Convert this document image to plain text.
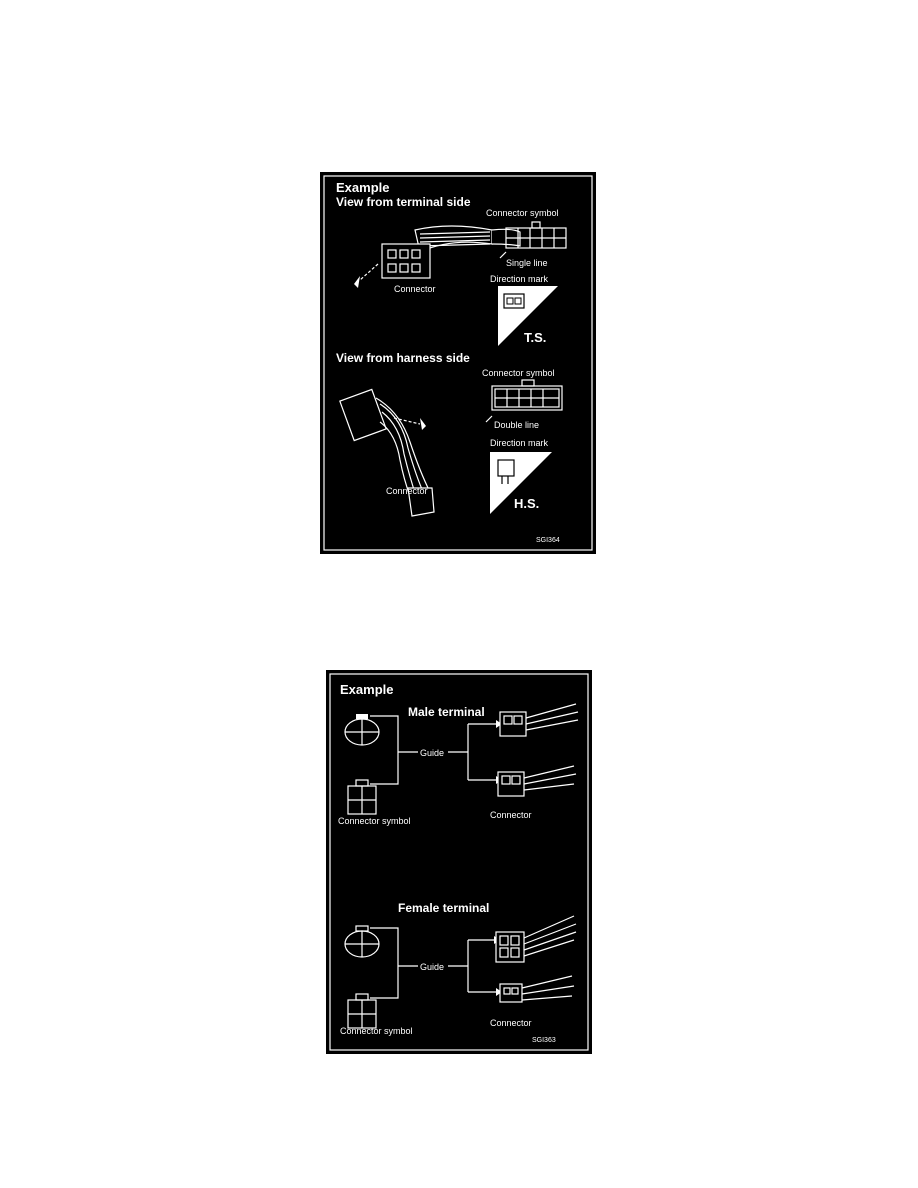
Example
View from terminal side
Connector
Connector symbol
Single line
Direction mark
T.S.
View from harness side
Connector
Connector symbol
Double line
Direction mark
H.S.
SGI364
Example
Male terminal
Guide
Connector symbol
Connector
Female terminal
Guide
Connector symbol
Connector
SGI363
